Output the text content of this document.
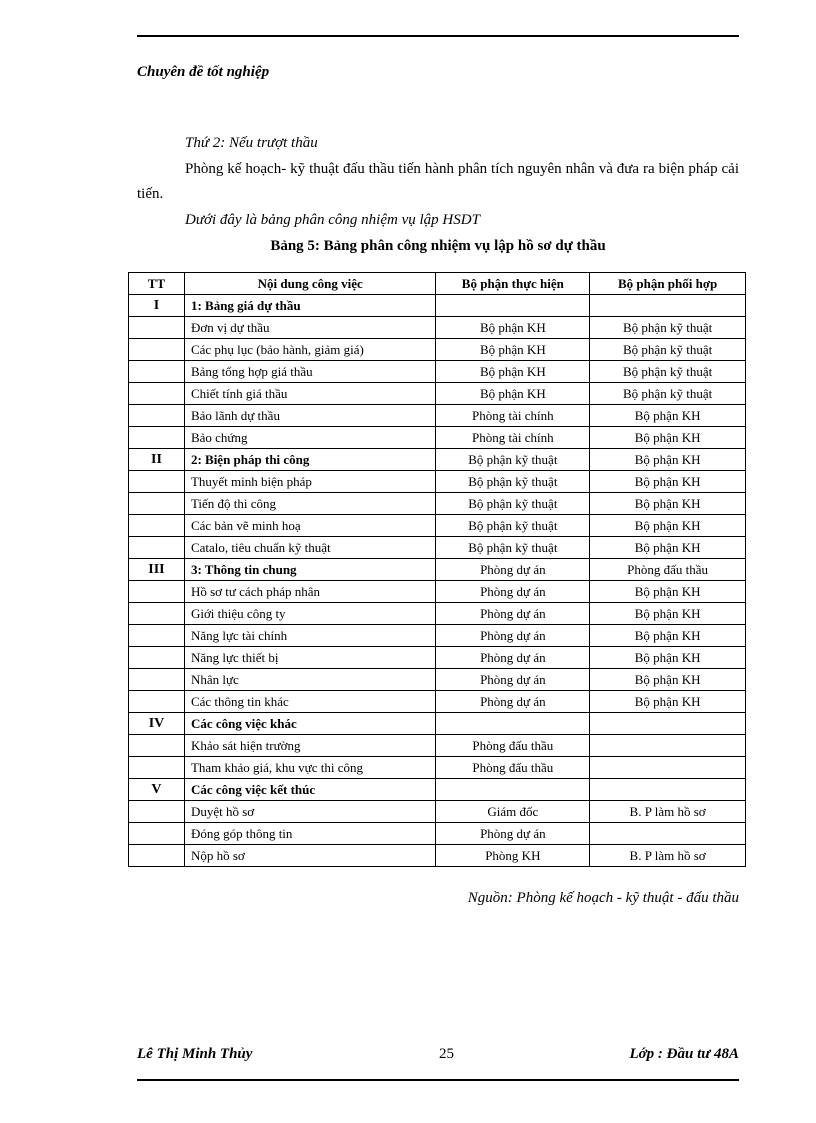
Chuyên đề tốt nghiệp
Thứ 2: Nếu trượt thầu
Phòng kế hoạch- kỹ thuật đấu thầu tiến hành phân tích nguyên nhân và đưa ra biện pháp cải tiến.
Dưới đây là bảng phân công nhiệm vụ lập HSDT
Bảng 5: Bảng phân công nhiệm vụ lập hồ sơ dự thầu
TT	Nội dung công việc	Bộ phận thực hiện	Bộ phận phối hợp
I	1: Bảng giá dự thầu		
	Đơn vị dự thầu	Bộ phận KH	Bộ phận kỹ thuật
	Các phụ lục (bảo hành, giảm giá)	Bộ phận KH	Bộ phận kỹ thuật
	Bảng tổng hợp giá thầu	Bộ phận KH	Bộ phận kỹ thuật
	Chiết tính giá thầu	Bộ phận KH	Bộ phận kỹ thuật
	Bảo lãnh dự thầu	Phòng tài chính	Bộ phận KH
	Bảo chứng	Phòng tài chính	Bộ phận KH
II	2: Biện pháp thi công	Bộ phận kỹ thuật	Bộ phận KH
	Thuyết minh biện pháp	Bộ phận kỹ thuật	Bộ phận KH
	Tiến độ thi công	Bộ phận kỹ thuật	Bộ phận KH
	Các bản vẽ minh hoạ	Bộ phận kỹ thuật	Bộ phận KH
	Catalo, tiêu chuẩn kỹ thuật	Bộ phận kỹ thuật	Bộ phận KH
III	3: Thông tin chung	Phòng dự án	Phòng đấu thầu
	Hồ sơ tư cách pháp nhân	Phòng dự án	Bộ phận KH
	Giới thiệu công ty	Phòng dự án	Bộ phận KH
	Năng lực tài chính	Phòng dự án	Bộ phận KH
	Năng lực thiết bị	Phòng dự án	Bộ phận KH
	Nhân lực	Phòng dự án	Bộ phận KH
	Các thông tin khác	Phòng dự án	Bộ phận KH
IV	Các công việc khác		
	Khảo sát hiện trường	Phòng đấu thầu	
	Tham khảo giá, khu vực thi công	Phòng đấu thầu	
V	Các công việc kết thúc		
	Duyệt hồ sơ	Giám đốc	B. P làm hồ sơ
	Đóng góp thông tin	Phòng dự án	
	Nộp hồ sơ	Phòng KH	B. P làm hồ sơ
Nguồn: Phòng kế hoạch - kỹ thuật - đấu thầu
Lê Thị Minh Thủy	25	Lớp : Đầu tư 48A
